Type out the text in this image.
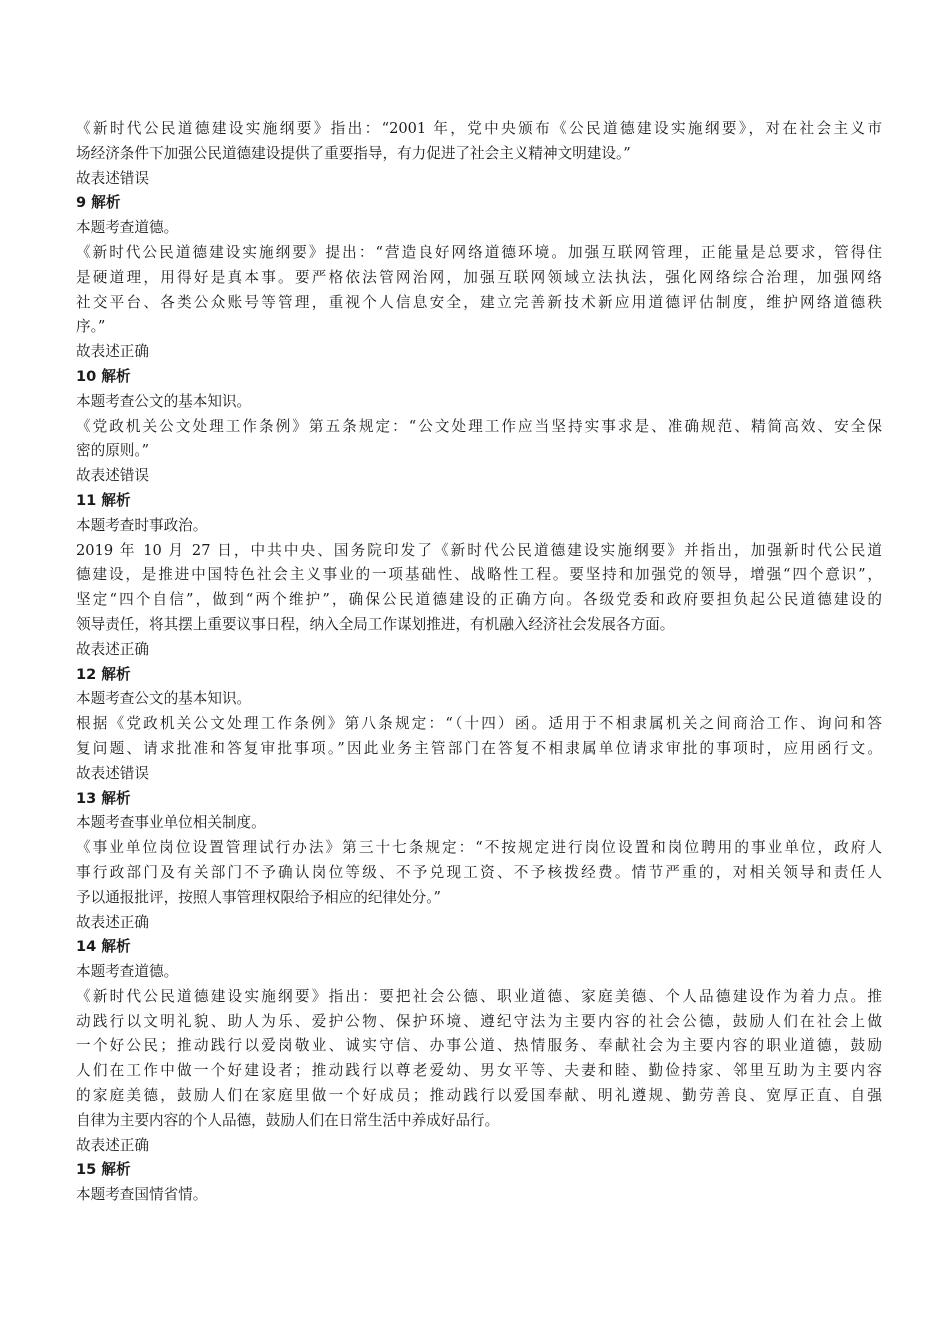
《新时代公民道德建设实施纲要》指出：“2001 年，党中央颁布《公民道德建设实施纲要》，对在社会主义市
场经济条件下加强公民道德建设提供了重要指导，有力促进了社会主义精神文明建设。”
故表述错误
9 解析
本题考查道德。
《新时代公民道德建设实施纲要》提出：“营造良好网络道德环境。加强互联网管理，正能量是总要求，管得住
是硬道理，用得好是真本事。要严格依法管网治网，加强互联网领域立法执法，强化网络综合治理，加强网络
社交平台、各类公众账号等管理，重视个人信息安全，建立完善新技术新应用道德评估制度，维护网络道德秩
序。”
故表述正确
10 解析
本题考查公文的基本知识。
《党政机关公文处理工作条例》第五条规定：“公文处理工作应当坚持实事求是、准确规范、精简高效、安全保
密的原则。”
故表述错误
11 解析
本题考查时事政治。
2019 年 10 月 27 日，中共中央、国务院印发了《新时代公民道德建设实施纲要》并指出，加强新时代公民道
德建设，是推进中国特色社会主义事业的一项基础性、战略性工程。要坚持和加强党的领导，增强“四个意识”，
坚定“四个自信”，做到“两个维护”，确保公民道德建设的正确方向。各级党委和政府要担负起公民道德建设的
领导责任，将其摆上重要议事日程，纳入全局工作谋划推进，有机融入经济社会发展各方面。
故表述正确
12 解析
本题考查公文的基本知识。
根据《党政机关公文处理工作条例》第八条规定：“（十四）函。适用于不相隶属机关之间商洽工作、询问和答
复问题、请求批准和答复审批事项。”因此业务主管部门在答复不相隶属单位请求审批的事项时，应用函行文。
故表述错误
13 解析
本题考查事业单位相关制度。
《事业单位岗位设置管理试行办法》第三十七条规定：“不按规定进行岗位设置和岗位聘用的事业单位，政府人
事行政部门及有关部门不予确认岗位等级、不予兑现工资、不予核拨经费。情节严重的，对相关领导和责任人
予以通报批评，按照人事管理权限给予相应的纪律处分。”
故表述正确
14 解析
本题考查道德。
《新时代公民道德建设实施纲要》指出：要把社会公德、职业道德、家庭美德、个人品德建设作为着力点。推
动践行以文明礼貌、助人为乐、爱护公物、保护环境、遵纪守法为主要内容的社会公德，鼓励人们在社会上做
一个好公民；推动践行以爱岗敬业、诚实守信、办事公道、热情服务、奉献社会为主要内容的职业道德，鼓励
人们在工作中做一个好建设者；推动践行以尊老爱幼、男女平等、夫妻和睦、勤俭持家、邻里互助为主要内容
的家庭美德，鼓励人们在家庭里做一个好成员；推动践行以爱国奉献、明礼遵规、勤劳善良、宽厚正直、自强
自律为主要内容的个人品德，鼓励人们在日常生活中养成好品行。
故表述正确
15 解析
本题考查国情省情。
